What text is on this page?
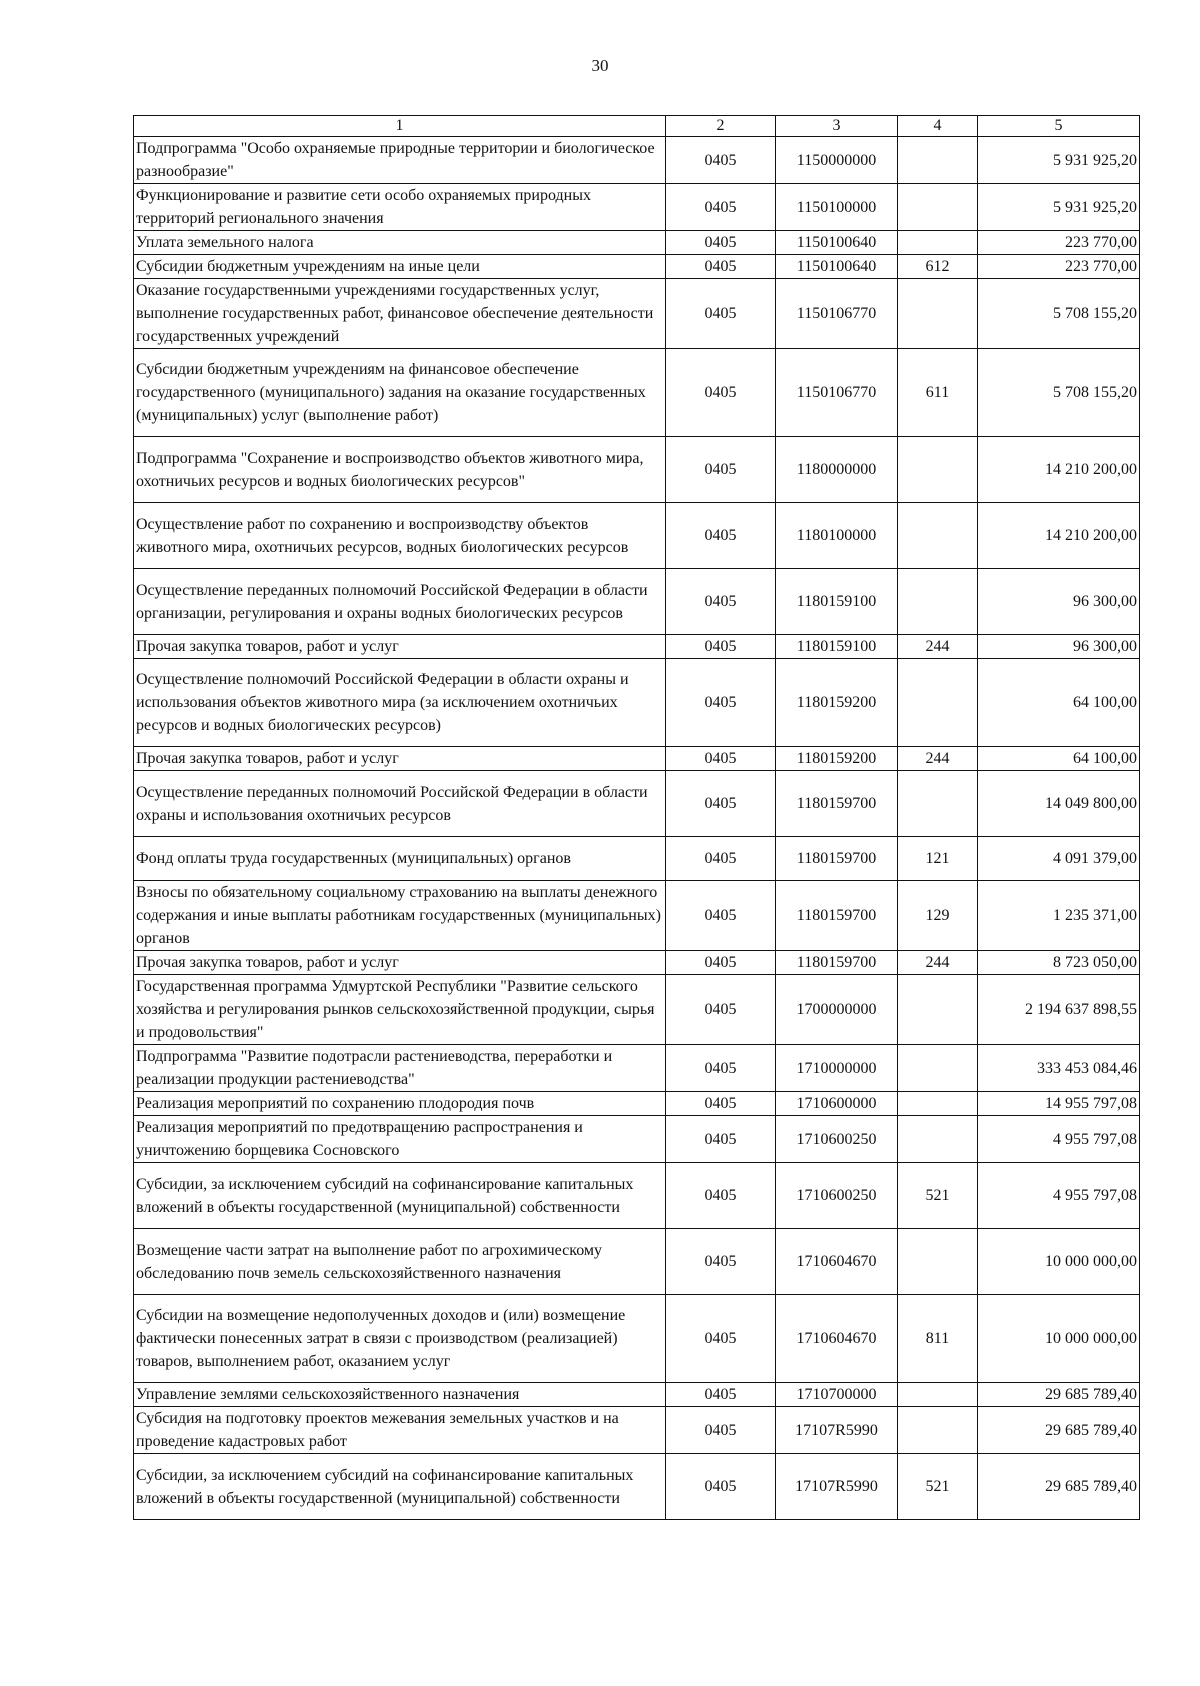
30
1	2	3	4	5
Подпрограмма "Особо охраняемые природные территории и биологическое разнообразие"	0405	1150000000		5 931 925,20
Функционирование и развитие сети особо охраняемых природных территорий регионального значения	0405	1150100000		5 931 925,20
Уплата земельного налога	0405	1150100640		223 770,00
Субсидии бюджетным учреждениям на иные цели	0405	1150100640	612	223 770,00
Оказание государственными учреждениями государственных услуг, выполнение государственных работ, финансовое обеспечение деятельности государственных учреждений	0405	1150106770		5 708 155,20
Субсидии бюджетным учреждениям на финансовое обеспечение государственного (муниципального) задания на оказание государственных (муниципальных) услуг (выполнение работ)	0405	1150106770	611	5 708 155,20
Подпрограмма "Сохранение и воспроизводство объектов животного мира, охотничьих ресурсов и водных биологических ресурсов"	0405	1180000000		14 210 200,00
Осуществление работ по сохранению и воспроизводству объектов животного мира, охотничьих ресурсов, водных биологических ресурсов	0405	1180100000		14 210 200,00
Осуществление переданных полномочий Российской Федерации в области организации, регулирования и охраны водных биологических ресурсов	0405	1180159100		96 300,00
Прочая закупка товаров, работ и услуг	0405	1180159100	244	96 300,00
Осуществление полномочий Российской Федерации в области охраны и использования объектов животного мира (за исключением охотничьих ресурсов и водных биологических ресурсов)	0405	1180159200		64 100,00
Прочая закупка товаров, работ и услуг	0405	1180159200	244	64 100,00
Осуществление переданных полномочий Российской Федерации в области охраны и использования охотничьих ресурсов	0405	1180159700		14 049 800,00
Фонд оплаты труда государственных (муниципальных) органов	0405	1180159700	121	4 091 379,00
Взносы по обязательному социальному страхованию на выплаты денежного содержания и иные выплаты работникам государственных (муниципальных) органов	0405	1180159700	129	1 235 371,00
Прочая закупка товаров, работ и услуг	0405	1180159700	244	8 723 050,00
Государственная программа Удмуртской Республики "Развитие сельского хозяйства и регулирования рынков сельскохозяйственной продукции, сырья и продовольствия"	0405	1700000000		2 194 637 898,55
Подпрограмма "Развитие подотрасли растениеводства, переработки и реализации продукции растениеводства"	0405	1710000000		333 453 084,46
Реализация мероприятий по сохранению плодородия почв	0405	1710600000		14 955 797,08
Реализация мероприятий по предотвращению распространения и уничтожению борщевика Сосновского	0405	1710600250		4 955 797,08
Субсидии, за исключением субсидий на софинансирование капитальных вложений в объекты государственной (муниципальной) собственности	0405	1710600250	521	4 955 797,08
Возмещение части затрат на выполнение работ по агрохимическому обследованию почв земель сельскохозяйственного назначения	0405	1710604670		10 000 000,00
Субсидии на возмещение недополученных доходов и (или) возмещение фактически понесенных затрат в связи с производством (реализацией) товаров, выполнением работ, оказанием услуг	0405	1710604670	811	10 000 000,00
Управление землями сельскохозяйственного назначения	0405	1710700000		29 685 789,40
Субсидия на подготовку проектов межевания земельных участков и на проведение кадастровых работ	0405	17107R5990		29 685 789,40
Субсидии, за исключением субсидий на софинансирование капитальных вложений в объекты государственной (муниципальной) собственности	0405	17107R5990	521	29 685 789,40
